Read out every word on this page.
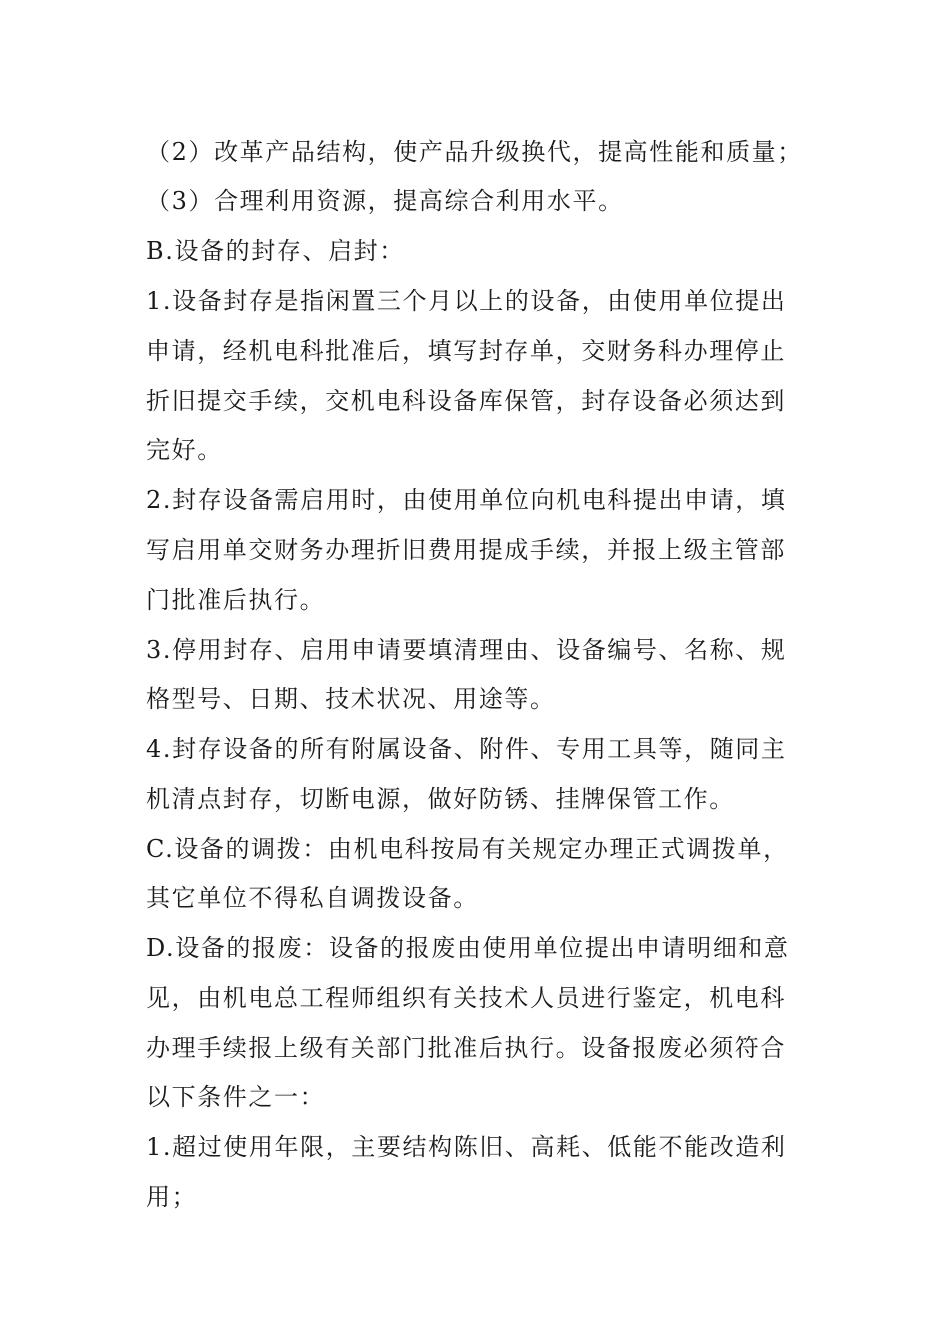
（2）改革产品结构，使产品升级换代，提高性能和质量；
（3）合理利用资源，提高综合利用水平。
B.设备的封存、启封：
1.设备封存是指闲置三个月以上的设备，由使用单位提出
申请，经机电科批准后，填写封存单，交财务科办理停止
折旧提交手续，交机电科设备库保管，封存设备必须达到
完好。
2.封存设备需启用时，由使用单位向机电科提出申请，填
写启用单交财务办理折旧费用提成手续，并报上级主管部
门批准后执行。
3.停用封存、启用申请要填清理由、设备编号、名称、规
格型号、日期、技术状况、用途等。
4.封存设备的所有附属设备、附件、专用工具等，随同主
机清点封存，切断电源，做好防锈、挂牌保管工作。
C.设备的调拨：由机电科按局有关规定办理正式调拨单，
其它单位不得私自调拨设备。
D.设备的报废：设备的报废由使用单位提出申请明细和意
见，由机电总工程师组织有关技术人员进行鉴定，机电科
办理手续报上级有关部门批准后执行。设备报废必须符合
以下条件之一：
1.超过使用年限，主要结构陈旧、高耗、低能不能改造利
用；
